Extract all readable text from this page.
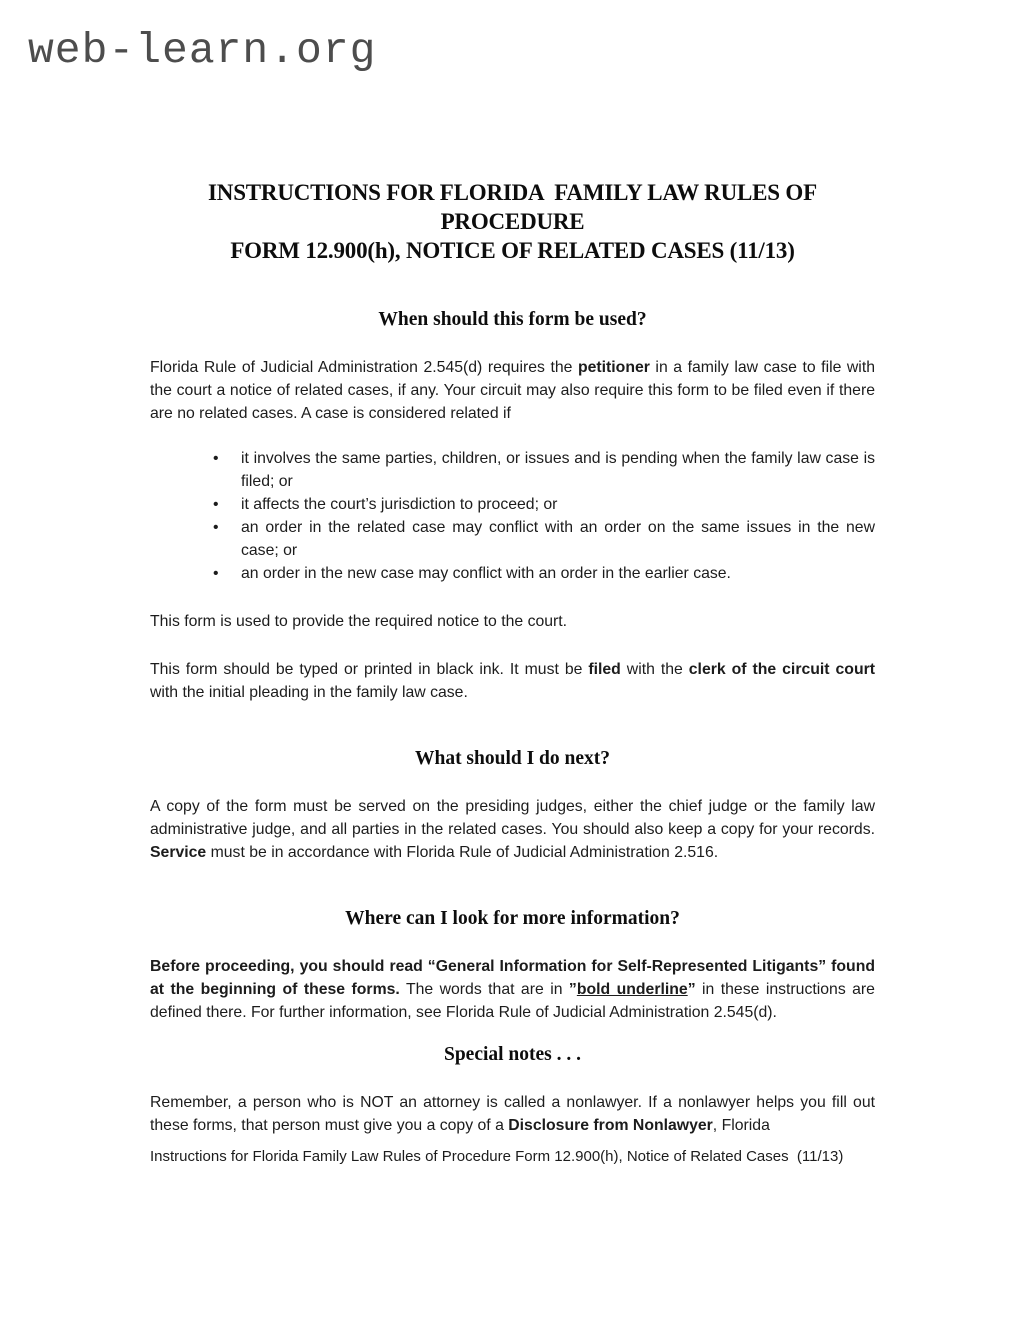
web-learn.org
INSTRUCTIONS FOR FLORIDA  FAMILY LAW RULES OF PROCEDURE
FORM 12.900(h), NOTICE OF RELATED CASES (11/13)
When should this form be used?

Florida Rule of Judicial Administration 2.545(d) requires the petitioner in a family law case to file with the court a notice of related cases, if any. Your circuit may also require this form to be filed even if there are no related cases. A case is considered related if

• it involves the same parties, children, or issues and is pending when the family law case is filed; or
• it affects the court’s jurisdiction to proceed; or
• an order in the related case may conflict with an order on the same issues in the new case; or
• an order in the new case may conflict with an order in the earlier case.

This form is used to provide the required notice to the court.

This form should be typed or printed in black ink. It must be filed with the clerk of the circuit court with the initial pleading in the family law case.

What should I do next?

A copy of the form must be served on the presiding judges, either the chief judge or the family law administrative judge, and all parties in the related cases. You should also keep a copy for your records. Service must be in accordance with Florida Rule of Judicial Administration 2.516.

Where can I look for more information?

Before proceeding, you should read “General Information for Self-Represented Litigants” found at the beginning of these forms. The words that are in ”bold underline” in these instructions are defined there. For further information, see Florida Rule of Judicial Administration 2.545(d).

Special notes . . .

Remember, a person who is NOT an attorney is called a nonlawyer. If a nonlawyer helps you fill out these forms, that person must give you a copy of a Disclosure from Nonlawyer, Florida

Instructions for Florida Family Law Rules of Procedure Form 12.900(h), Notice of Related Cases  (11/13)
